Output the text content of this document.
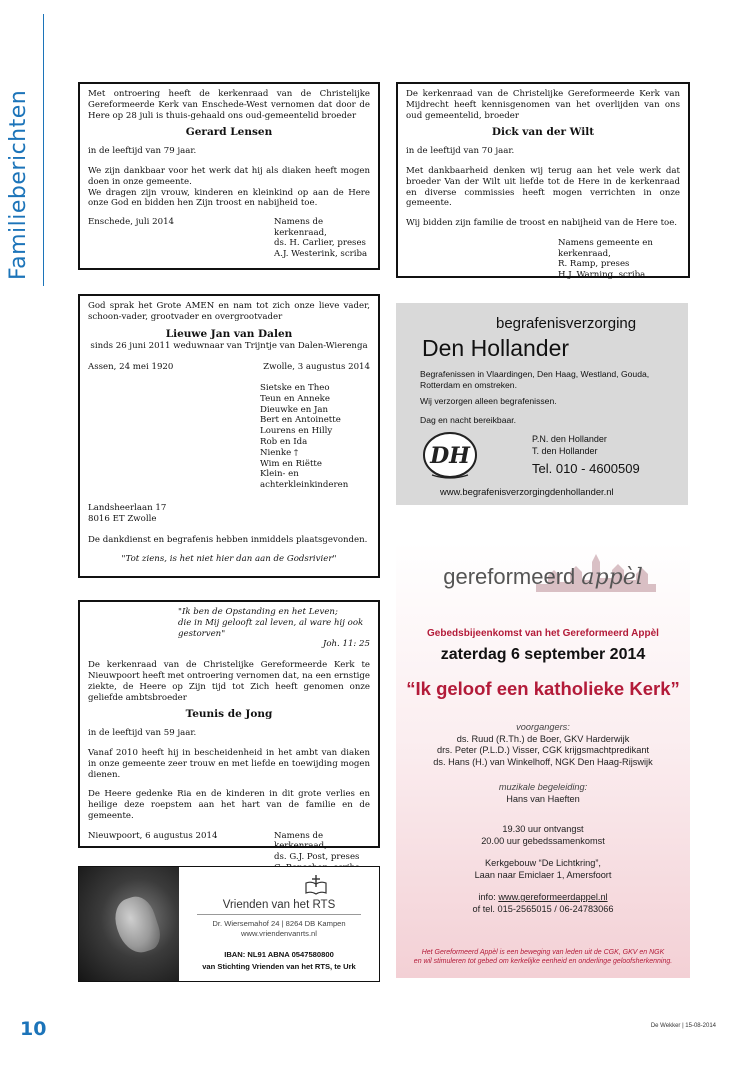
Familieberichten	Met ontroering heeft de kerkenraad van de Christelijke Gereformeerde Kerk van Enschede-West vernomen dat door de Here op 28 juli is thuis-gehaald ons oud-gemeentelid broeder

Gerard Lensen

in de leeftijd van 79 jaar.

We zijn dankbaar voor het werk dat hij als diaken heeft mogen doen in onze gemeente.
We dragen zijn vrouw, kinderen en kleinkind op aan de Here onze God en bidden hen Zijn troost en nabijheid toe.

Enschede, juli 2014	Namens de kerkenraad,
ds. H. Carlier, preses
A.J. Westerink, scriba

De kerkenraad van de Christelijke Gereformeerde Kerk van Mijdrecht heeft kennisgenomen van het overlijden van ons oud gemeentelid, broeder

Dick van der Wilt

in de leeftijd van 70 jaar.

Met dankbaarheid denken wij terug aan het vele werk dat broeder Van der Wilt uit liefde tot de Here in de kerkenraad en diverse commissies heeft mogen verrichten in onze gemeente.

Wij bidden zijn familie de troost en nabijheid van de Here toe.

Namens gemeente en kerkenraad,
R. Ramp, preses
H.J. Warning, scriba

God sprak het Grote AMEN en nam tot zich onze lieve vader, schoon-vader, grootvader en overgrootvader

Lieuwe Jan van Dalen

sinds 26 juni 2011 weduwnaar van Trijntje van Dalen-Wierenga

Assen, 24 mei 1920	Zwolle, 3 augustus 2014
Sietske en Theo
Teun en Anneke
Dieuwke en Jan
Bert en Antoinette
Lourens en Hilly
Rob en Ida
Nienke †
Wim en Riëtte
Klein- en achterkleinkinderen
Landsheerlaan 17
8016 ET Zwolle

De dankdienst en begrafenis hebben inmiddels plaatsgevonden.

"Tot ziens, is het niet hier dan aan de Godsrivier"

"Ik ben de Opstanding en het Leven;
die in Mij gelooft zal leven, al ware hij ook gestorven"
Joh. 11: 25

De kerkenraad van de Christelijke Gereformeerde Kerk te Nieuwpoort heeft met ontroering vernomen dat, na een ernstige ziekte, de Heere op Zijn tijd tot Zich heeft genomen onze geliefde ambtsbroeder

Teunis de Jong

in de leeftijd van 59 jaar.

Vanaf 2010 heeft hij in bescheidenheid in het ambt van diaken in onze gemeente zeer trouw en met liefde en toewijding mogen dienen.

De Heere gedenke Ria en de kinderen in dit grote verlies en heilige deze roepstem aan het hart van de familie en de gemeente.

Nieuwpoort, 6 augustus 2014	Namens de kerkenraad,
ds. G.J. Post, preses
begrafenisverzorging
Den Hollander
Begrafenissen in Vlaardingen, Den Haag, Westland, Gouda, Rotterdam en omstreken.
Wij verzorgen alleen begrafenissen.
Dag en nacht bereikbaar.
DH
P.N. den Hollander
T. den Hollander
Tel. 010 - 4600509
www.begrafenisverzorgingdenhollander.nl
gereformeerd appèl
Gebedsbijeenkomst van het Gereformeerd Appèl
zaterdag 6 september 2014
“Ik geloof een katholieke Kerk”
voorgangers:
ds. Ruud (R.Th.) de Boer, GKV Harderwijk
drs. Peter (P.L.D.) Visser, CGK krijgsmachtpredikant
ds. Hans (H.) van Winkelhoff, NGK Den Haag-Rijswijk
muzikale begeleiding:
Hans van Haeften
19.30 uur ontvangst
20.00 uur gebedssamenkomst
Kerkgebouw “De Lichtkring”,
Laan naar Emiclaer 1, Amersfoort
info: www.gereformeerdappel.nl
of tel. 015-2565015 / 06-24783066
Het Gereformeerd Appèl is een beweging van leden uit de CGK, GKV en NGK
en wil stimuleren tot gebed om kerkelijke eenheid en onderlinge geloofsherkenning.
Vrienden van het RTS
Dr. Wiersemahof 24 | 8264 DB Kampen
www.vriendenvanrts.nl
IBAN: NL91 ABNA 0547580800
van Stichting Vrienden van het RTS, te Urk
10	De Wekker | 15-08-2014
